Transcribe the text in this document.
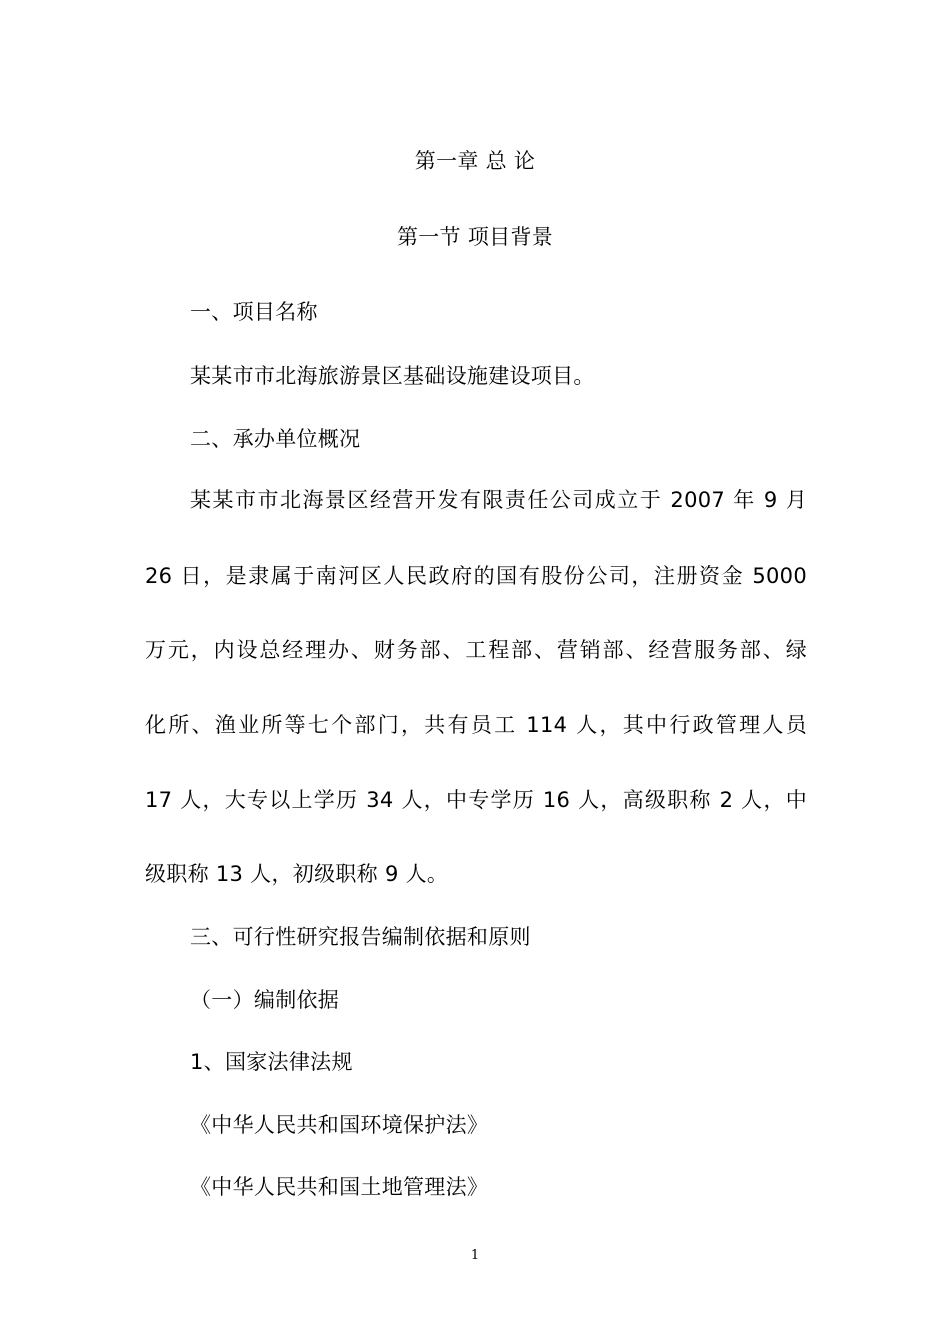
第一章 总 论
第一节 项目背景
一、项目名称
某某市市北海旅游景区基础设施建设项目。
二、承办单位概况
某某市市北海景区经营开发有限责任公司成立于 2007 年 9 月
26 日，是隶属于南河区人民政府的国有股份公司，注册资金 5000
万元，内设总经理办、财务部、工程部、营销部、经营服务部、绿
化所、渔业所等七个部门，共有员工 114 人，其中行政管理人员
17 人，大专以上学历 34 人，中专学历 16 人，高级职称 2 人，中
级职称 13 人，初级职称 9 人。
三、可行性研究报告编制依据和原则
（一）编制依据
1、国家法律法规
《中华人民共和国环境保护法》
《中华人民共和国土地管理法》
1
